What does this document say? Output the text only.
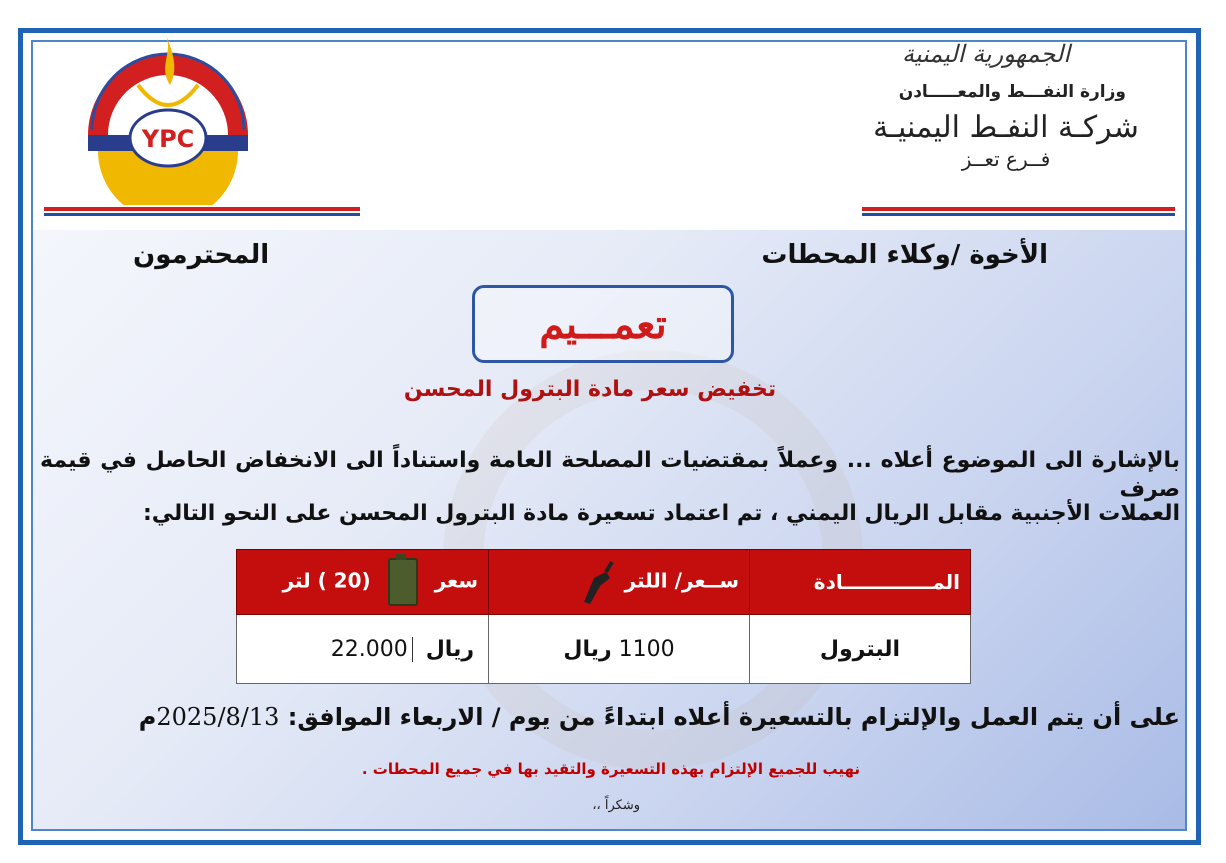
YPC
الجمهورية اليمنية
وزارة النفـــط والمعـــــادن
شركـة النفـط اليمنيـة
فــرع تعــز
الأخوة /وكلاء المحطات
المحترمون
تعمـــيم
تخفيض سعر مادة البترول المحسن
بالإشارة الى الموضوع أعلاه ... وعملاً بمقتضيات المصلحة العامة واستناداً الى الانخفاض الحاصل في قيمة صرف
العملات الأجنبية مقابل الريال اليمني ، تم اعتماد تسعيرة مادة البترول المحسن على النحو التالي:
المـــــــــــــادة	ســعر/ اللتر	سعر  (20 ) لتر
البترول	1100 ريال	ريال 22.000
على أن يتم العمل والإلتزام بالتسعيرة أعلاه ابتداءً من يوم / الاربعاء الموافق: 2025/8/13م
نهيب للجميع الإلتزام بهذه التسعيرة والتقيد بها في جميع المحطات .
وشكراً ،،
